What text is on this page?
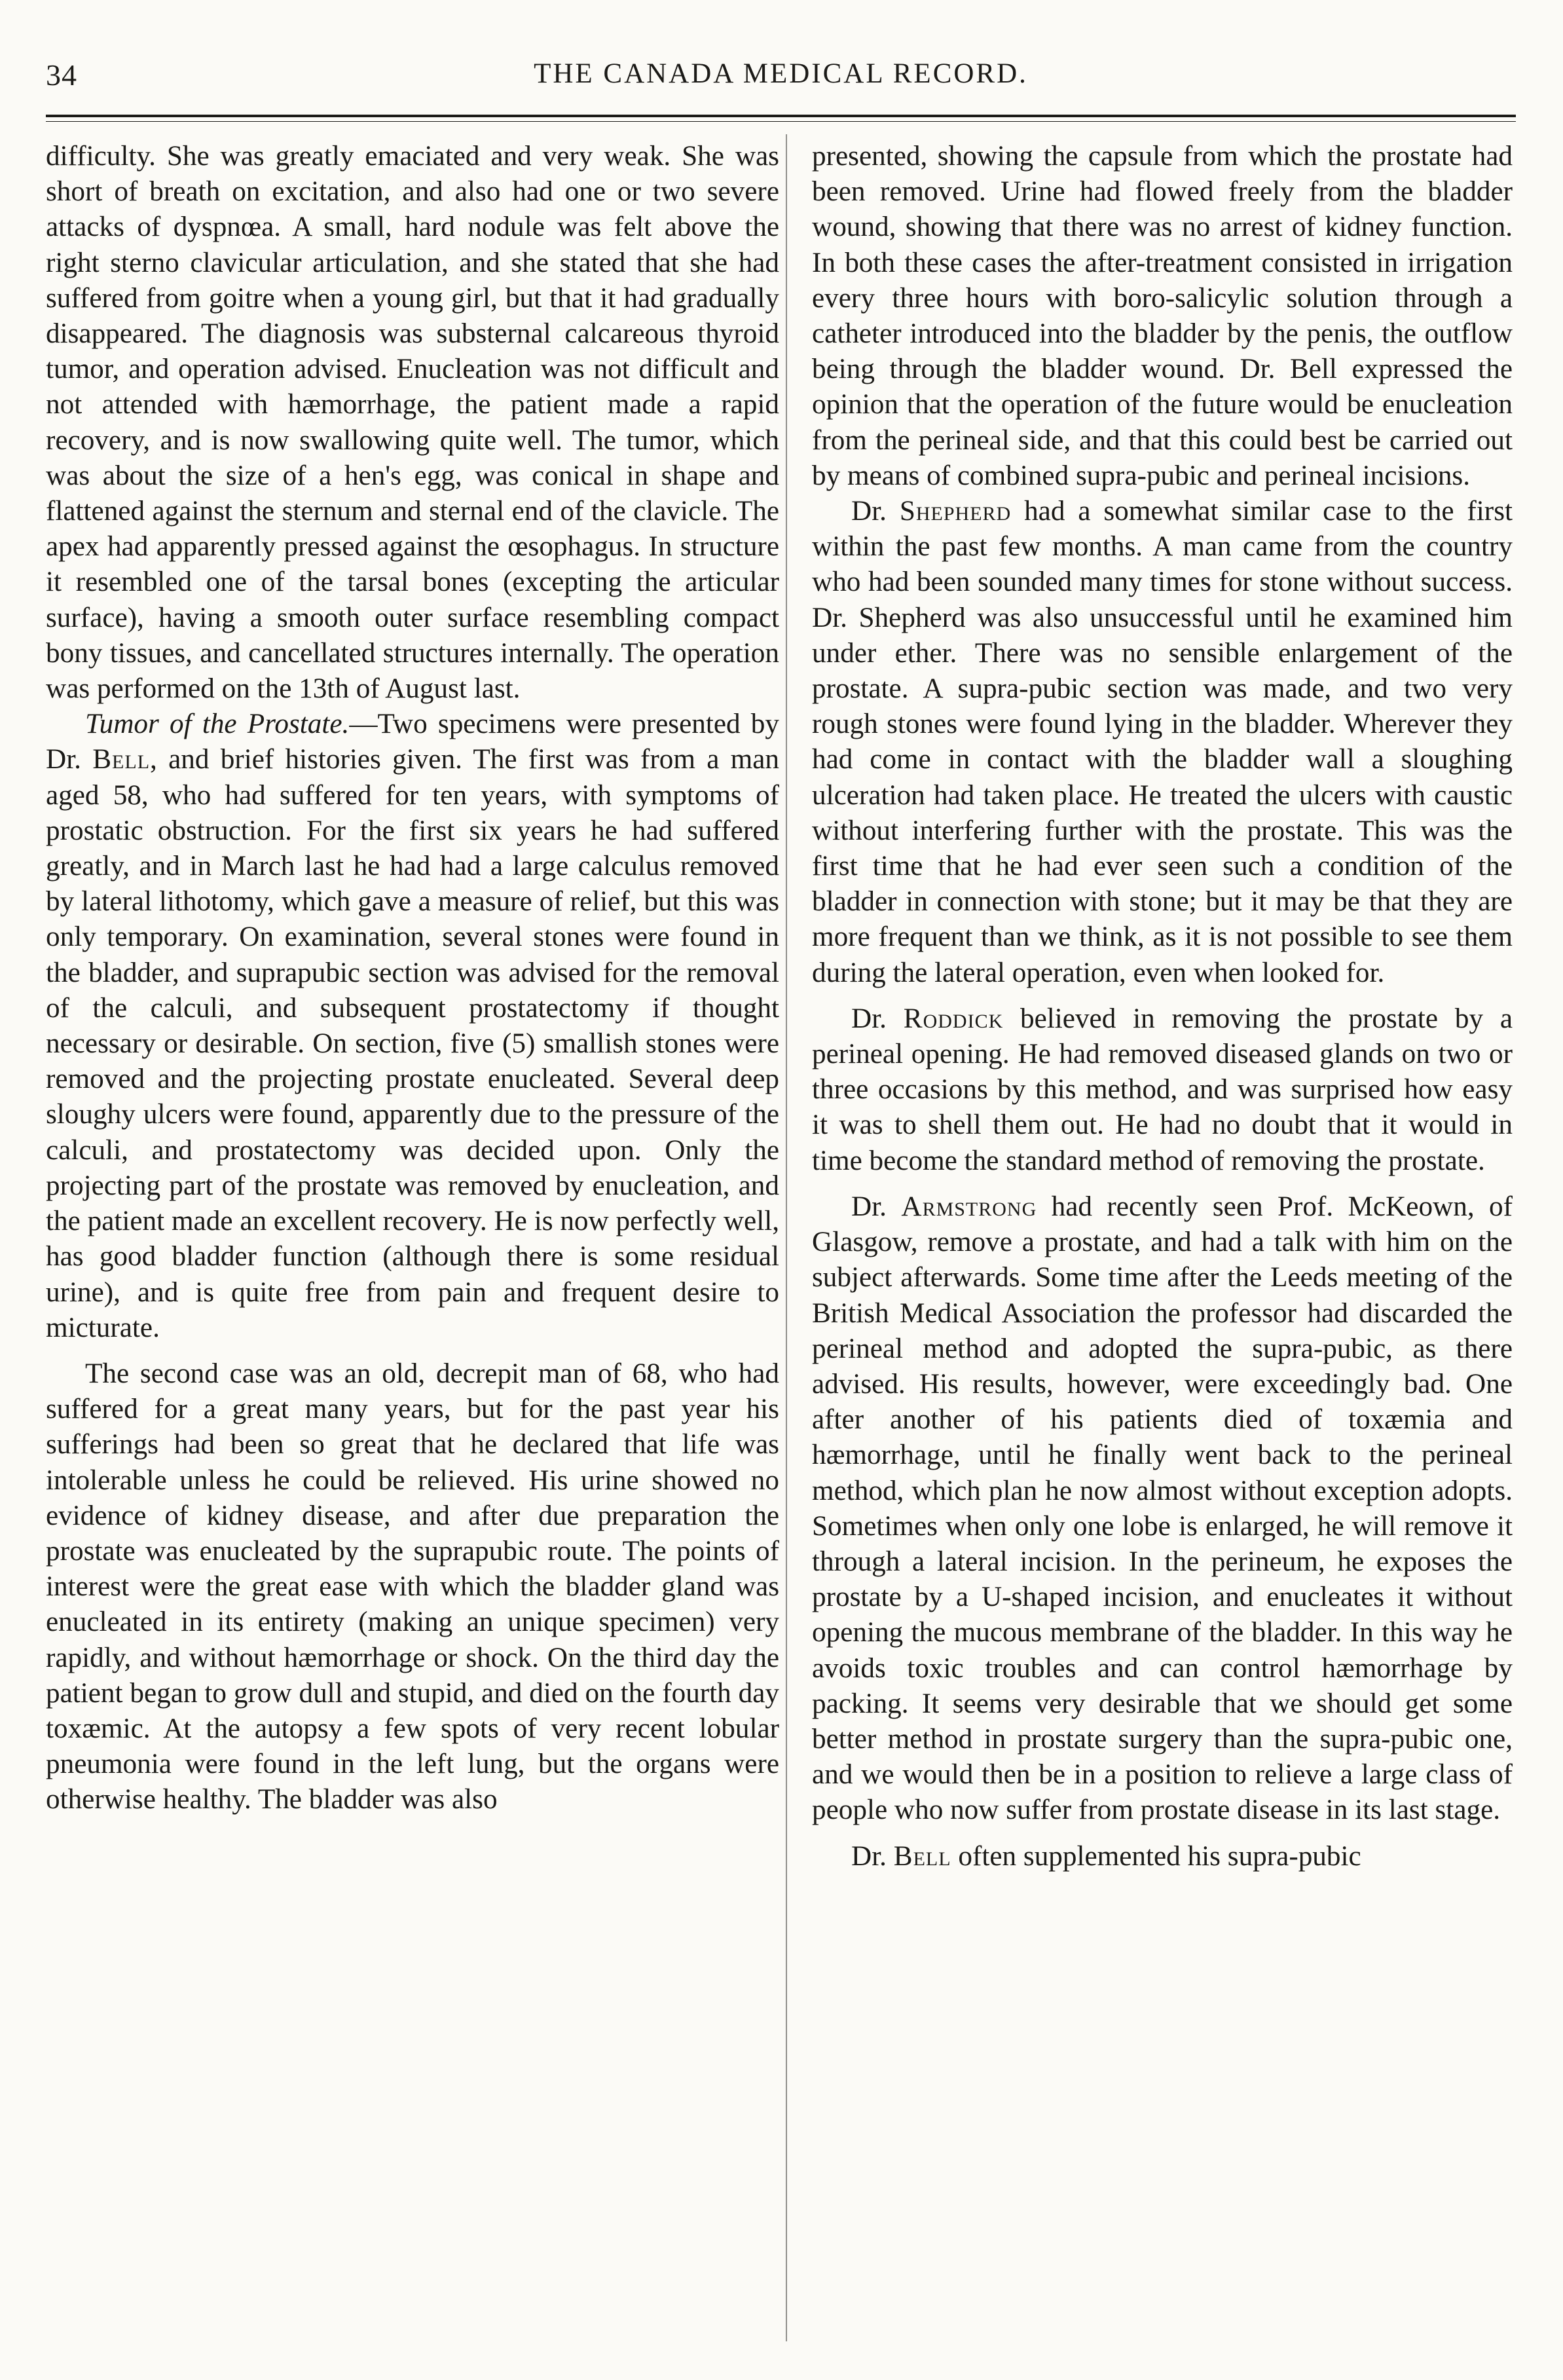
34	THE CANADA MEDICAL RECORD.

difficulty. She was greatly emaciated and very weak. She was short of breath on excitation, and also had one or two severe attacks of dyspnœa. A small, hard nodule was felt above the right sterno clavicular articulation, and she stated that she had suffered from goitre when a young girl, but that it had gradually disappeared. The diagnosis was substernal calcareous thyroid tumor, and operation advised. Enucleation was not difficult and not attended with hæmorrhage, the patient made a rapid recovery, and is now swallowing quite well. The tumor, which was about the size of a hen's egg, was conical in shape and flattened against the sternum and sternal end of the clavicle. The apex had apparently pressed against the œsophagus. In structure it resembled one of the tarsal bones (excepting the articular surface), having a smooth outer surface resembling compact bony tissues, and cancellated structures internally. The operation was performed on the 13th of August last.

Tumor of the Prostate.—Two specimens were presented by Dr. Bell, and brief histories given. The first was from a man aged 58, who had suffered for ten years, with symptoms of prostatic obstruction. For the first six years he had suffered greatly, and in March last he had had a large calculus removed by lateral lithotomy, which gave a measure of relief, but this was only temporary. On examination, several stones were found in the bladder, and suprapubic section was advised for the removal of the calculi, and subsequent prostatectomy if thought necessary or desirable. On section, five (5) smallish stones were removed and the projecting prostate enucleated. Several deep sloughy ulcers were found, apparently due to the pressure of the calculi, and prostatectomy was decided upon. Only the projecting part of the prostate was removed by enucleation, and the patient made an excellent recovery. He is now perfectly well, has good bladder function (although there is some residual urine), and is quite free from pain and frequent desire to micturate.

The second case was an old, decrepit man of 68, who had suffered for a great many years, but for the past year his sufferings had been so great that he declared that life was intolerable unless he could be relieved. His urine showed no evidence of kidney disease, and after due preparation the prostate was enucleated by the suprapubic route. The points of interest were the great ease with which the bladder gland was enucleated in its entirety (making an unique specimen) very rapidly, and without hæmorrhage or shock. On the third day the patient began to grow dull and stupid, and died on the fourth day toxæmic. At the autopsy a few spots of very recent lobular pneumonia were found in the left lung, but the organs were otherwise healthy. The bladder was also

presented, showing the capsule from which the prostate had been removed. Urine had flowed freely from the bladder wound, showing that there was no arrest of kidney function. In both these cases the after-treatment consisted in irrigation every three hours with boro-salicylic solution through a catheter introduced into the bladder by the penis, the outflow being through the bladder wound. Dr. Bell expressed the opinion that the operation of the future would be enucleation from the perineal side, and that this could best be carried out by means of combined supra-pubic and perineal incisions.

Dr. Shepherd had a somewhat similar case to the first within the past few months. A man came from the country who had been sounded many times for stone without success. Dr. Shepherd was also unsuccessful until he examined him under ether. There was no sensible enlargement of the prostate. A supra-pubic section was made, and two very rough stones were found lying in the bladder. Wherever they had come in contact with the bladder wall a sloughing ulceration had taken place. He treated the ulcers with caustic without interfering further with the prostate. This was the first time that he had ever seen such a condition of the bladder in connection with stone; but it may be that they are more frequent than we think, as it is not possible to see them during the lateral operation, even when looked for.

Dr. Roddick believed in removing the prostate by a perineal opening. He had removed diseased glands on two or three occasions by this method, and was surprised how easy it was to shell them out. He had no doubt that it would in time become the standard method of removing the prostate.

Dr. Armstrong had recently seen Prof. McKeown, of Glasgow, remove a prostate, and had a talk with him on the subject afterwards. Some time after the Leeds meeting of the British Medical Association the professor had discarded the perineal method and adopted the supra-pubic, as there advised. His results, however, were exceedingly bad. One after another of his patients died of toxæmia and hæmorrhage, until he finally went back to the perineal method, which plan he now almost without exception adopts. Sometimes when only one lobe is enlarged, he will remove it through a lateral incision. In the perineum, he exposes the prostate by a U-shaped incision, and enucleates it without opening the mucous membrane of the bladder. In this way he avoids toxic troubles and can control hæmorrhage by packing. It seems very desirable that we should get some better method in prostate surgery than the supra-pubic one, and we would then be in a position to relieve a large class of people who now suffer from prostate disease in its last stage.

Dr. Bell often supplemented his supra-pubic
